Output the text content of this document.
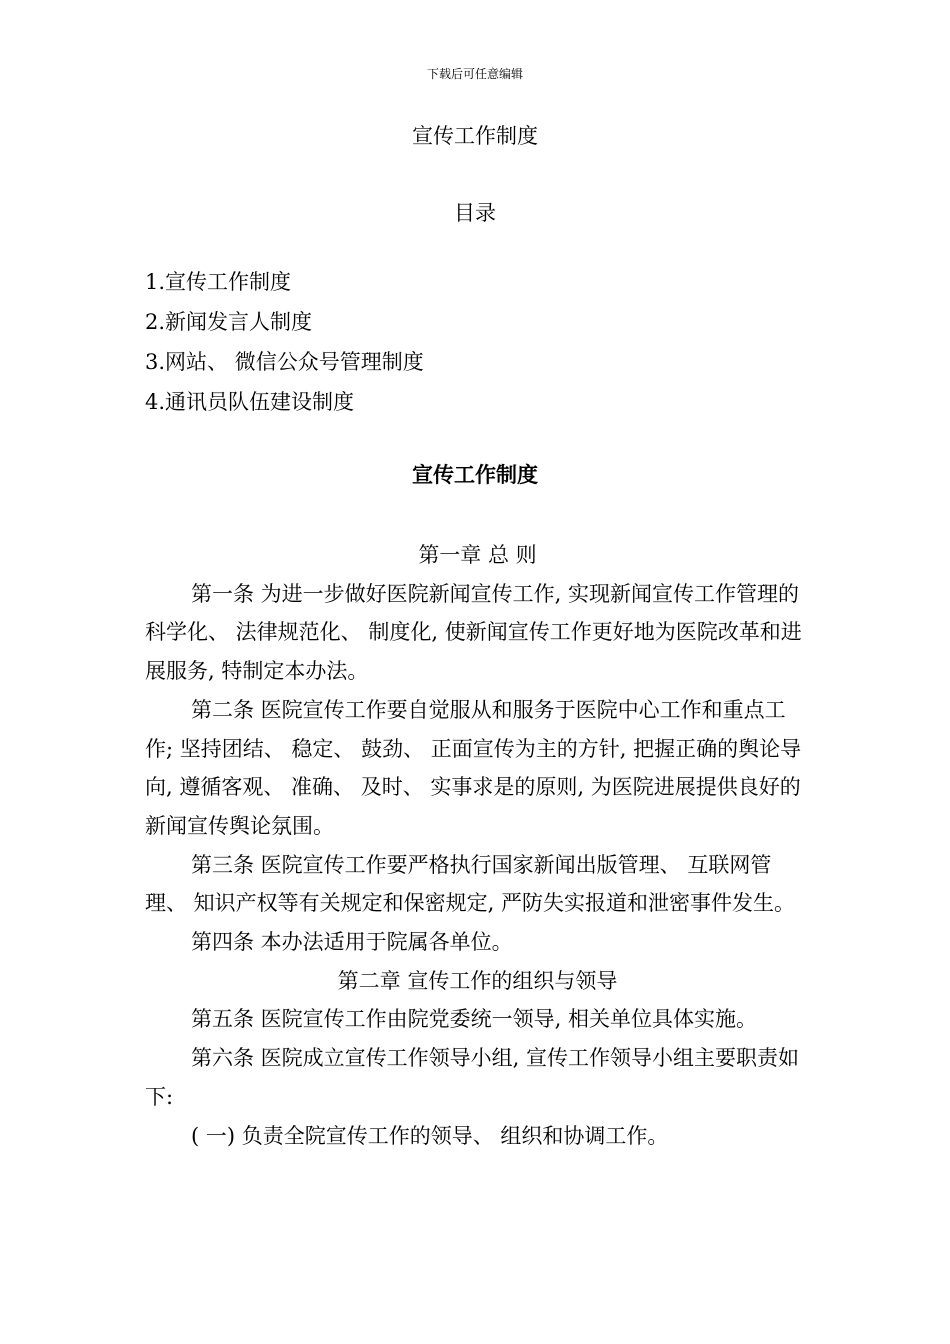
下载后可任意编辑
宣传工作制度
目录
1.宣传工作制度
2.新闻发言人制度
3.网站、 微信公众号管理制度
4.通讯员队伍建设制度
宣传工作制度

第一章 总 则

第一条 为进一步做好医院新闻宣传工作, 实现新闻宣传工作管理的科学化、 法律规范化、 制度化, 使新闻宣传工作更好地为医院改革和进展服务, 特制定本办法。

第二条 医院宣传工作要自觉服从和服务于医院中心工作和重点工作; 坚持团结、 稳定、 鼓劲、 正面宣传为主的方针, 把握正确的舆论导向, 遵循客观、 准确、 及时、 实事求是的原则, 为医院进展提供良好的新闻宣传舆论氛围。

第三条 医院宣传工作要严格执行国家新闻出版管理、 互联网管理、 知识产权等有关规定和保密规定, 严防失实报道和泄密事件发生。

第四条 本办法适用于院属各单位。

第二章 宣传工作的组织与领导

第五条 医院宣传工作由院党委统一领导, 相关单位具体实施。

第六条 医院成立宣传工作领导小组, 宣传工作领导小组主要职责如下:

( 一) 负责全院宣传工作的领导、 组织和协调工作。
